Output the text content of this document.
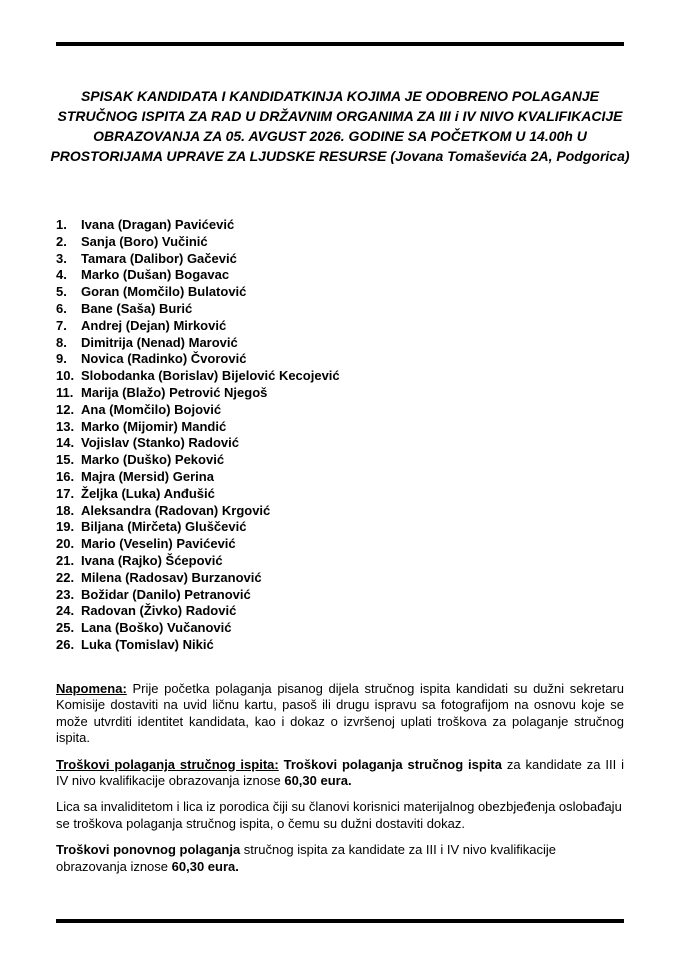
SPISAK KANDIDATA I KANDIDATKINJA KOJIMA JE ODOBRENO POLAGANJE STRUČNOG ISPITA ZA RAD U DRŽAVNIM ORGANIMA ZA III i IV NIVO KVALIFIKACIJE OBRAZOVANJA ZA 05. AVGUST 2026. GODINE SA POČETKOM U 14.00h U PROSTORIJAMA UPRAVE ZA LJUDSKE RESURSE (Jovana Tomaševića 2A, Podgorica)

1.	Ivana (Dragan) Pavićević
2.	Sanja (Boro) Vučinić
3.	Tamara (Dalibor) Gačević
4.	Marko (Dušan) Bogavac
5.	Goran (Momčilo) Bulatović
6.	Bane (Saša) Burić
7.	Andrej (Dejan) Mirković
8.	Dimitrija (Nenad) Marović
9.	Novica (Radinko) Čvorović
10. Slobodanka (Borislav) Bijelović Kecojević
11. Marija (Blažo) Petrović Njegoš
12. Ana (Momčilo) Bojović
13. Marko (Mijomir) Mandić
14. Vojislav (Stanko) Radović
15. Marko (Duško) Peković
16. Majra (Mersid) Gerina
17. Željka (Luka) Anđušić
18. Aleksandra (Radovan) Krgović
19. Biljana (Mirčeta) Gluščević
20. Mario (Veselin) Pavićević
21. Ivana (Rajko) Šćepović
22. Milena (Radosav) Burzanović
23. Božidar (Danilo) Petranović
24. Radovan (Živko) Radović
25. Lana (Boško) Vučanović
26. Luka (Tomislav) Nikić

Napomena: Prije početka polaganja pisanog dijela stručnog ispita kandidati su dužni sekretaru Komisije dostaviti na uvid ličnu kartu, pasoš ili drugu ispravu sa fotografijom na osnovu koje se može utvrditi identitet kandidata, kao i dokaz o izvršenoj uplati troškova za polaganje stručnog ispita.

Troškovi polaganja stručnog ispita: Troškovi polaganja stručnog ispita za kandidate za III i IV nivo kvalifikacije obrazovanja iznose 60,30 eura.

Lica sa invaliditetom i lica iz porodica čiji su članovi korisnici materijalnog obezbjeđenja oslobađaju se troškova polaganja stručnog ispita, o čemu su dužni dostaviti dokaz.

Troškovi ponovnog polaganja stručnog ispita za kandidate za III i IV nivo kvalifikacije obrazovanja iznose 60,30 eura.
